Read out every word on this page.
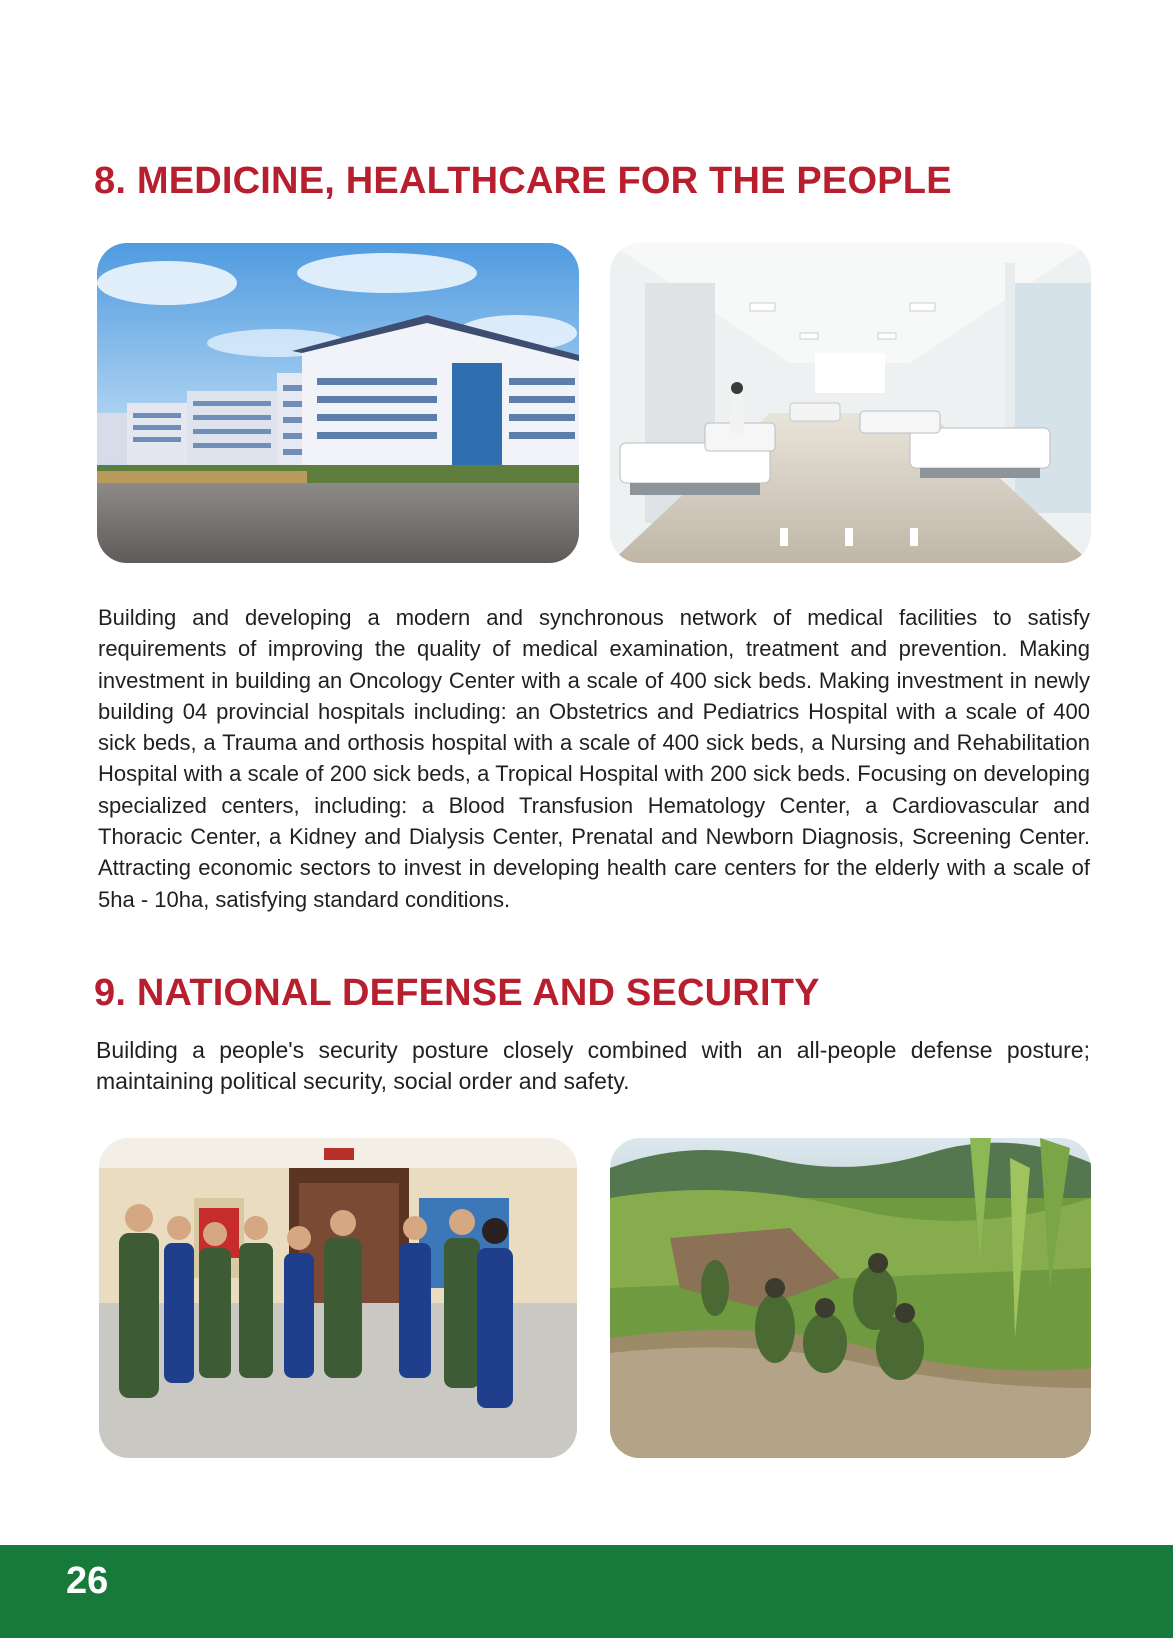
8. MEDICINE, HEALTHCARE FOR THE PEOPLE

Building and developing a modern and synchronous network of medical facilities to satisfy requirements of improving the quality of medical examination, treatment and prevention. Making investment in building an Oncology Center with a scale of 400 sick beds. Making investment in newly building 04 provincial hospitals including: an Obstetrics and Pediatrics Hospital with a scale of 400 sick beds, a Trauma and orthosis hospital with a scale of 400 sick beds, a Nursing and Rehabilitation Hospital with a scale of 200 sick beds, a Tropical Hospital with 200 sick beds. Focusing on developing specialized centers, including: a Blood Transfusion Hematology Center, a Cardiovascular and Thoracic Center, a Kidney and Dialysis Center, Prenatal and Newborn Diagnosis, Screening Center. Attracting economic sectors to invest in developing health care centers for the elderly with a scale of 5ha - 10ha, satisfying standard conditions.

9. NATIONAL DEFENSE AND SECURITY

Building a people's security posture closely combined with an all-people defense posture; maintaining political security, social order and safety.

26
